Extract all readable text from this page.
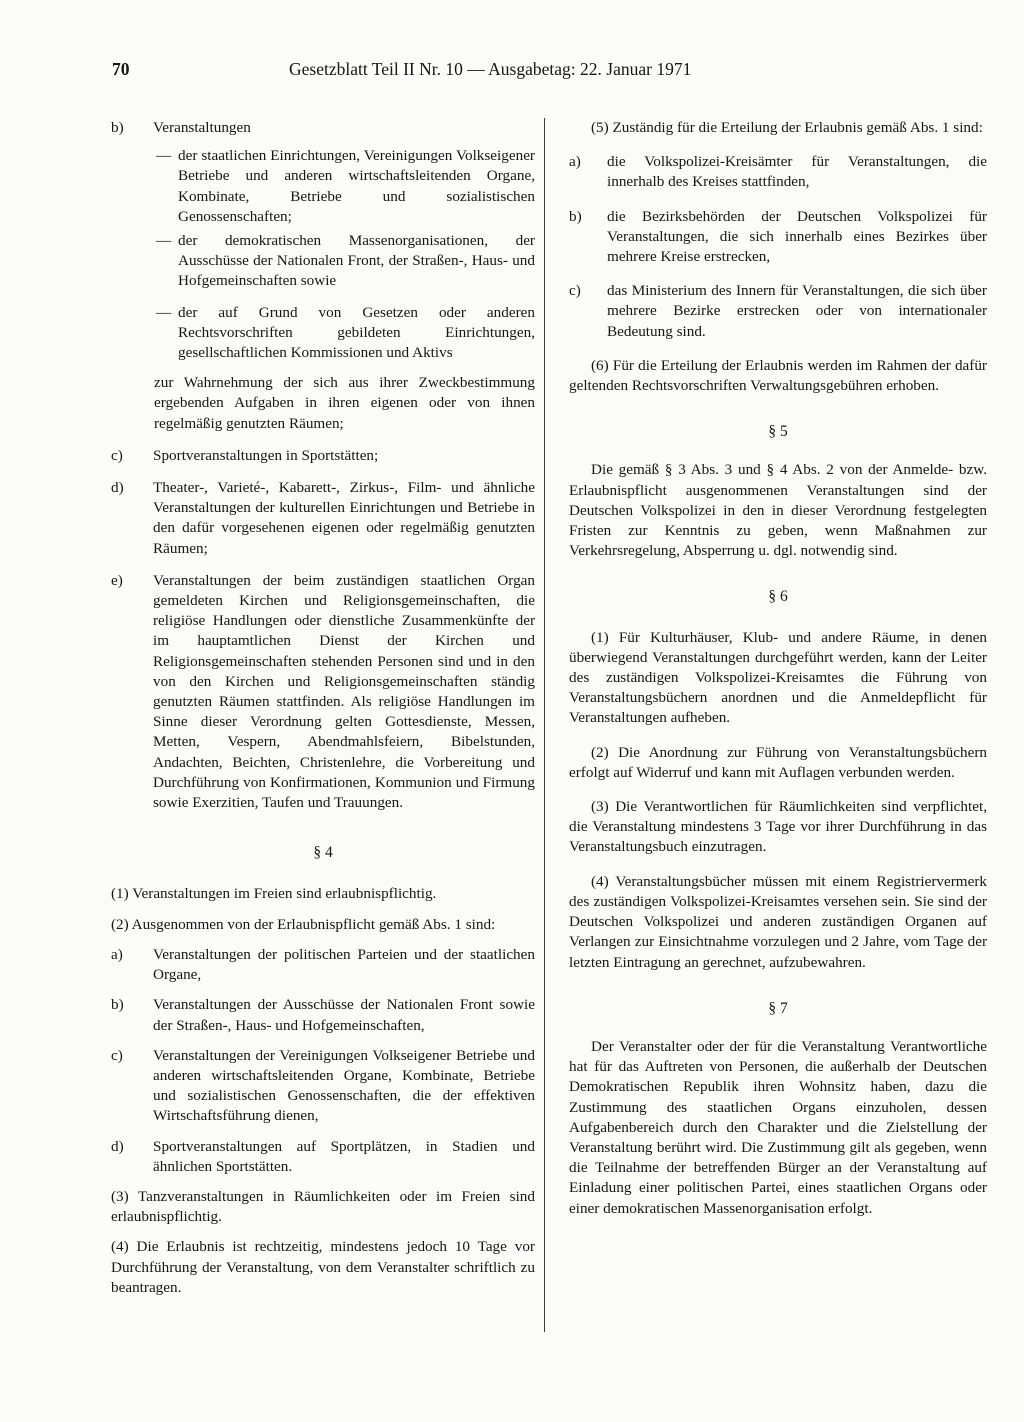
70	Gesetzblatt Teil II Nr. 10 — Ausgabetag: 22. Januar 1971
b)	Veranstaltungen
— der staatlichen Einrichtungen, Vereinigungen Volkseigener Betriebe und anderen wirtschaftsleitenden Organe, Kombinate, Betriebe und sozialistischen Genossenschaften;
— der demokratischen Massenorganisationen, der Ausschüsse der Nationalen Front, der Straßen-, Haus- und Hofgemeinschaften sowie
— der auf Grund von Gesetzen oder anderen Rechtsvorschriften gebildeten Einrichtungen, gesellschaftlichen Kommissionen und Aktivs

zur Wahrnehmung der sich aus ihrer Zweckbestimmung ergebenden Aufgaben in ihren eigenen oder von ihnen regelmäßig genutzten Räumen;

c)	Sportveranstaltungen in Sportstätten;
d)	Theater-, Varieté-, Kabarett-, Zirkus-, Film- und ähnliche Veranstaltungen der kulturellen Einrichtungen und Betriebe in den dafür vorgesehenen eigenen oder regelmäßig genutzten Räumen;
e)	Veranstaltungen der beim zuständigen staatlichen Organ gemeldeten Kirchen und Religionsgemeinschaften, die religiöse Handlungen oder dienstliche Zusammenkünfte der im hauptamtlichen Dienst der Kirchen und Religionsgemeinschaften stehenden Personen sind und in den von den Kirchen und Religionsgemeinschaften ständig genutzten Räumen stattfinden. Als religiöse Handlungen im Sinne dieser Verordnung gelten Gottesdienste, Messen, Metten, Vespern, Abendmahlsfeiern, Bibelstunden, Andachten, Beichten, Christenlehre, die Vorbereitung und Durchführung von Konfirmationen, Kommunion und Firmung sowie Exerzitien, Taufen und Trauungen.

§ 4

(1) Veranstaltungen im Freien sind erlaubnispflichtig.

(2) Ausgenommen von der Erlaubnispflicht gemäß Abs. 1 sind:

a)	Veranstaltungen der politischen Parteien und der staatlichen Organe,
b)	Veranstaltungen der Ausschüsse der Nationalen Front sowie der Straßen-, Haus- und Hofgemeinschaften,
c)	Veranstaltungen der Vereinigungen Volkseigener Betriebe und anderen wirtschaftsleitenden Organe, Kombinate, Betriebe und sozialistischen Genossenschaften, die der effektiven Wirtschaftsführung dienen,
d)	Sportveranstaltungen auf Sportplätzen, in Stadien und ähnlichen Sportstätten.

(3) Tanzveranstaltungen in Räumlichkeiten oder im Freien sind erlaubnispflichtig.

(4) Die Erlaubnis ist rechtzeitig, mindestens jedoch 10 Tage vor Durchführung der Veranstaltung, von dem Veranstalter schriftlich zu beantragen.

(5) Zuständig für die Erteilung der Erlaubnis gemäß Abs. 1 sind:

a)	die Volkspolizei-Kreisämter für Veranstaltungen, die innerhalb des Kreises stattfinden,
b)	die Bezirksbehörden der Deutschen Volkspolizei für Veranstaltungen, die sich innerhalb eines Bezirkes über mehrere Kreise erstrecken,
c)	das Ministerium des Innern für Veranstaltungen, die sich über mehrere Bezirke erstrecken oder von internationaler Bedeutung sind.

(6) Für die Erteilung der Erlaubnis werden im Rahmen der dafür geltenden Rechtsvorschriften Verwaltungsgebühren erhoben.

§ 5

Die gemäß § 3 Abs. 3 und § 4 Abs. 2 von der Anmelde- bzw. Erlaubnispflicht ausgenommenen Veranstaltungen sind der Deutschen Volkspolizei in den in dieser Verordnung festgelegten Fristen zur Kenntnis zu geben, wenn Maßnahmen zur Verkehrsregelung, Absperrung u. dgl. notwendig sind.

§ 6

(1) Für Kulturhäuser, Klub- und andere Räume, in denen überwiegend Veranstaltungen durchgeführt werden, kann der Leiter des zuständigen Volkspolizei-Kreisamtes die Führung von Veranstaltungsbüchern anordnen und die Anmeldepflicht für Veranstaltungen aufheben.

(2) Die Anordnung zur Führung von Veranstaltungsbüchern erfolgt auf Widerruf und kann mit Auflagen verbunden werden.

(3) Die Verantwortlichen für Räumlichkeiten sind verpflichtet, die Veranstaltung mindestens 3 Tage vor ihrer Durchführung in das Veranstaltungsbuch einzutragen.

(4) Veranstaltungsbücher müssen mit einem Registriervermerk des zuständigen Volkspolizei-Kreisamtes versehen sein. Sie sind der Deutschen Volkspolizei und anderen zuständigen Organen auf Verlangen zur Einsichtnahme vorzulegen und 2 Jahre, vom Tage der letzten Eintragung an gerechnet, aufzubewahren.

§ 7

Der Veranstalter oder der für die Veranstaltung Verantwortliche hat für das Auftreten von Personen, die außerhalb der Deutschen Demokratischen Republik ihren Wohnsitz haben, dazu die Zustimmung des staatlichen Organs einzuholen, dessen Aufgabenbereich durch den Charakter und die Zielstellung der Veranstaltung berührt wird. Die Zustimmung gilt als gegeben, wenn die Teilnahme der betreffenden Bürger an der Veranstaltung auf Einladung einer politischen Partei, eines staatlichen Organs oder einer demokratischen Massenorganisation erfolgt.
